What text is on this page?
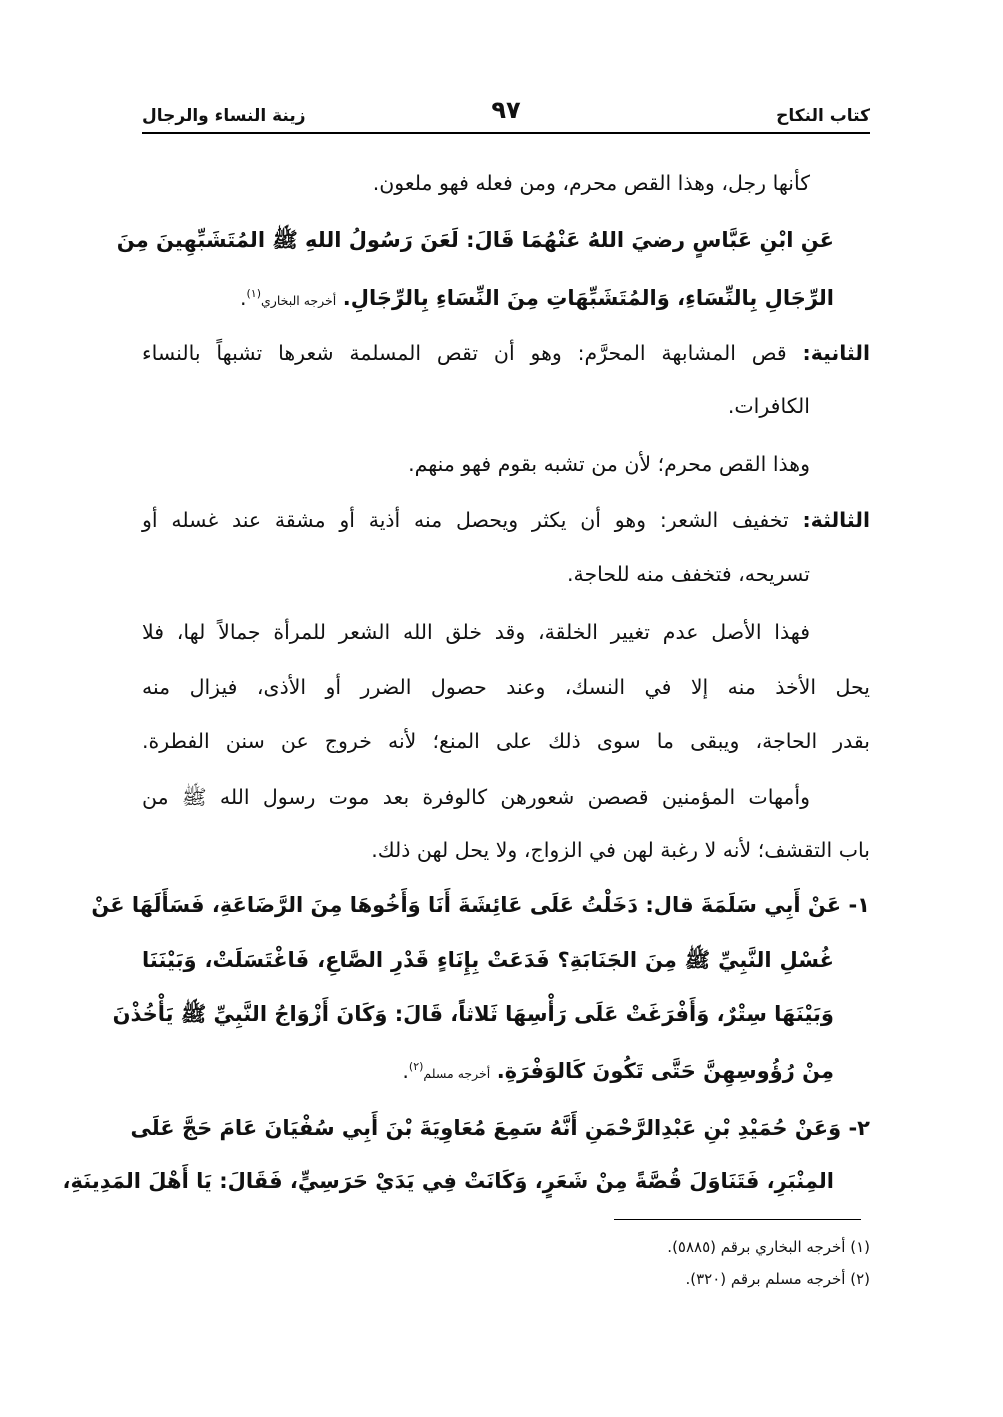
كتاب النكاح
٩٧
زينة النساء والرجال
كأنها رجل، وهذا القص محرم، ومن فعله فهو ملعون.
عَنِ ابْنِ عَبَّاسٍ رضيَ اللهُ عَنْهُمَا قَالَ: لَعَنَ رَسُولُ اللهِ ﷺ المُتَشَبِّهِينَ مِنَ
الرِّجَالِ بِالنِّسَاءِ، وَالمُتَشَبِّهَاتِ مِنَ النِّسَاءِ بِالرِّجَالِ. أخرجه البخاري$^{(١)}$.
الثانية: قص المشابهة المحرَّم: وهو أن تقص المسلمة شعرها تشبهاً بالنساء
الكافرات.
وهذا القص محرم؛ لأن من تشبه بقوم فهو منهم.
الثالثة: تخفيف الشعر: وهو أن يكثر ويحصل منه أذية أو مشقة عند غسله أو
تسريحه، فتخفف منه للحاجة.
فهذا الأصل عدم تغيير الخلقة، وقد خلق الله الشعر للمرأة جمالاً لها، فلا
يحل الأخذ منه إلا في النسك، وعند حصول الضرر أو الأذى، فيزال منه
بقدر الحاجة، ويبقى ما سوى ذلك على المنع؛ لأنه خروج عن سنن الفطرة.
وأمهات المؤمنين قصصن شعورهن كالوفرة بعد موت رسول الله ﷺ من
باب التقشف؛ لأنه لا رغبة لهن في الزواج، ولا يحل لهن ذلك.
١- عَنْ أَبِي سَلَمَةَ قال: دَخَلْتُ عَلَى عَائِشَةَ أَنَا وَأَخُوهَا مِنَ الرَّضَاعَةِ، فَسَأَلَهَا عَنْ
غُسْلِ النَّبِيِّ ﷺ مِنَ الجَنَابَةِ؟ فَدَعَتْ بِإِنَاءٍ قَدْرِ الصَّاعِ، فَاغْتَسَلَتْ، وَبَيْنَنَا
وَبَيْنَهَا سِتْرٌ، وَأَفْرَغَتْ عَلَى رَأْسِهَا ثَلاثاً، قَالَ: وَكَانَ أَزْوَاجُ النَّبِيِّ ﷺ يَأْخُذْنَ
مِنْ رُؤُوسِهِنَّ حَتَّى تَكُونَ كَالوَفْرَةِ. أخرجه مسلم$^{(٢)}$.
٢- وَعَنْ حُمَيْدِ بْنِ عَبْدِالرَّحْمَنِ أَنَّهُ سَمِعَ مُعَاوِيَةَ بْنَ أَبِي سُفْيَانَ عَامَ حَجَّ عَلَى
المِنْبَرِ، فَتَنَاوَلَ قُصَّةً مِنْ شَعَرٍ، وَكَانَتْ فِي يَدَيْ حَرَسِيٍّ، فَقَالَ: يَا أَهْلَ المَدِينَةِ،
(١) أخرجه البخاري برقم (٥٨٨٥).
(٢) أخرجه مسلم برقم (٣٢٠).
